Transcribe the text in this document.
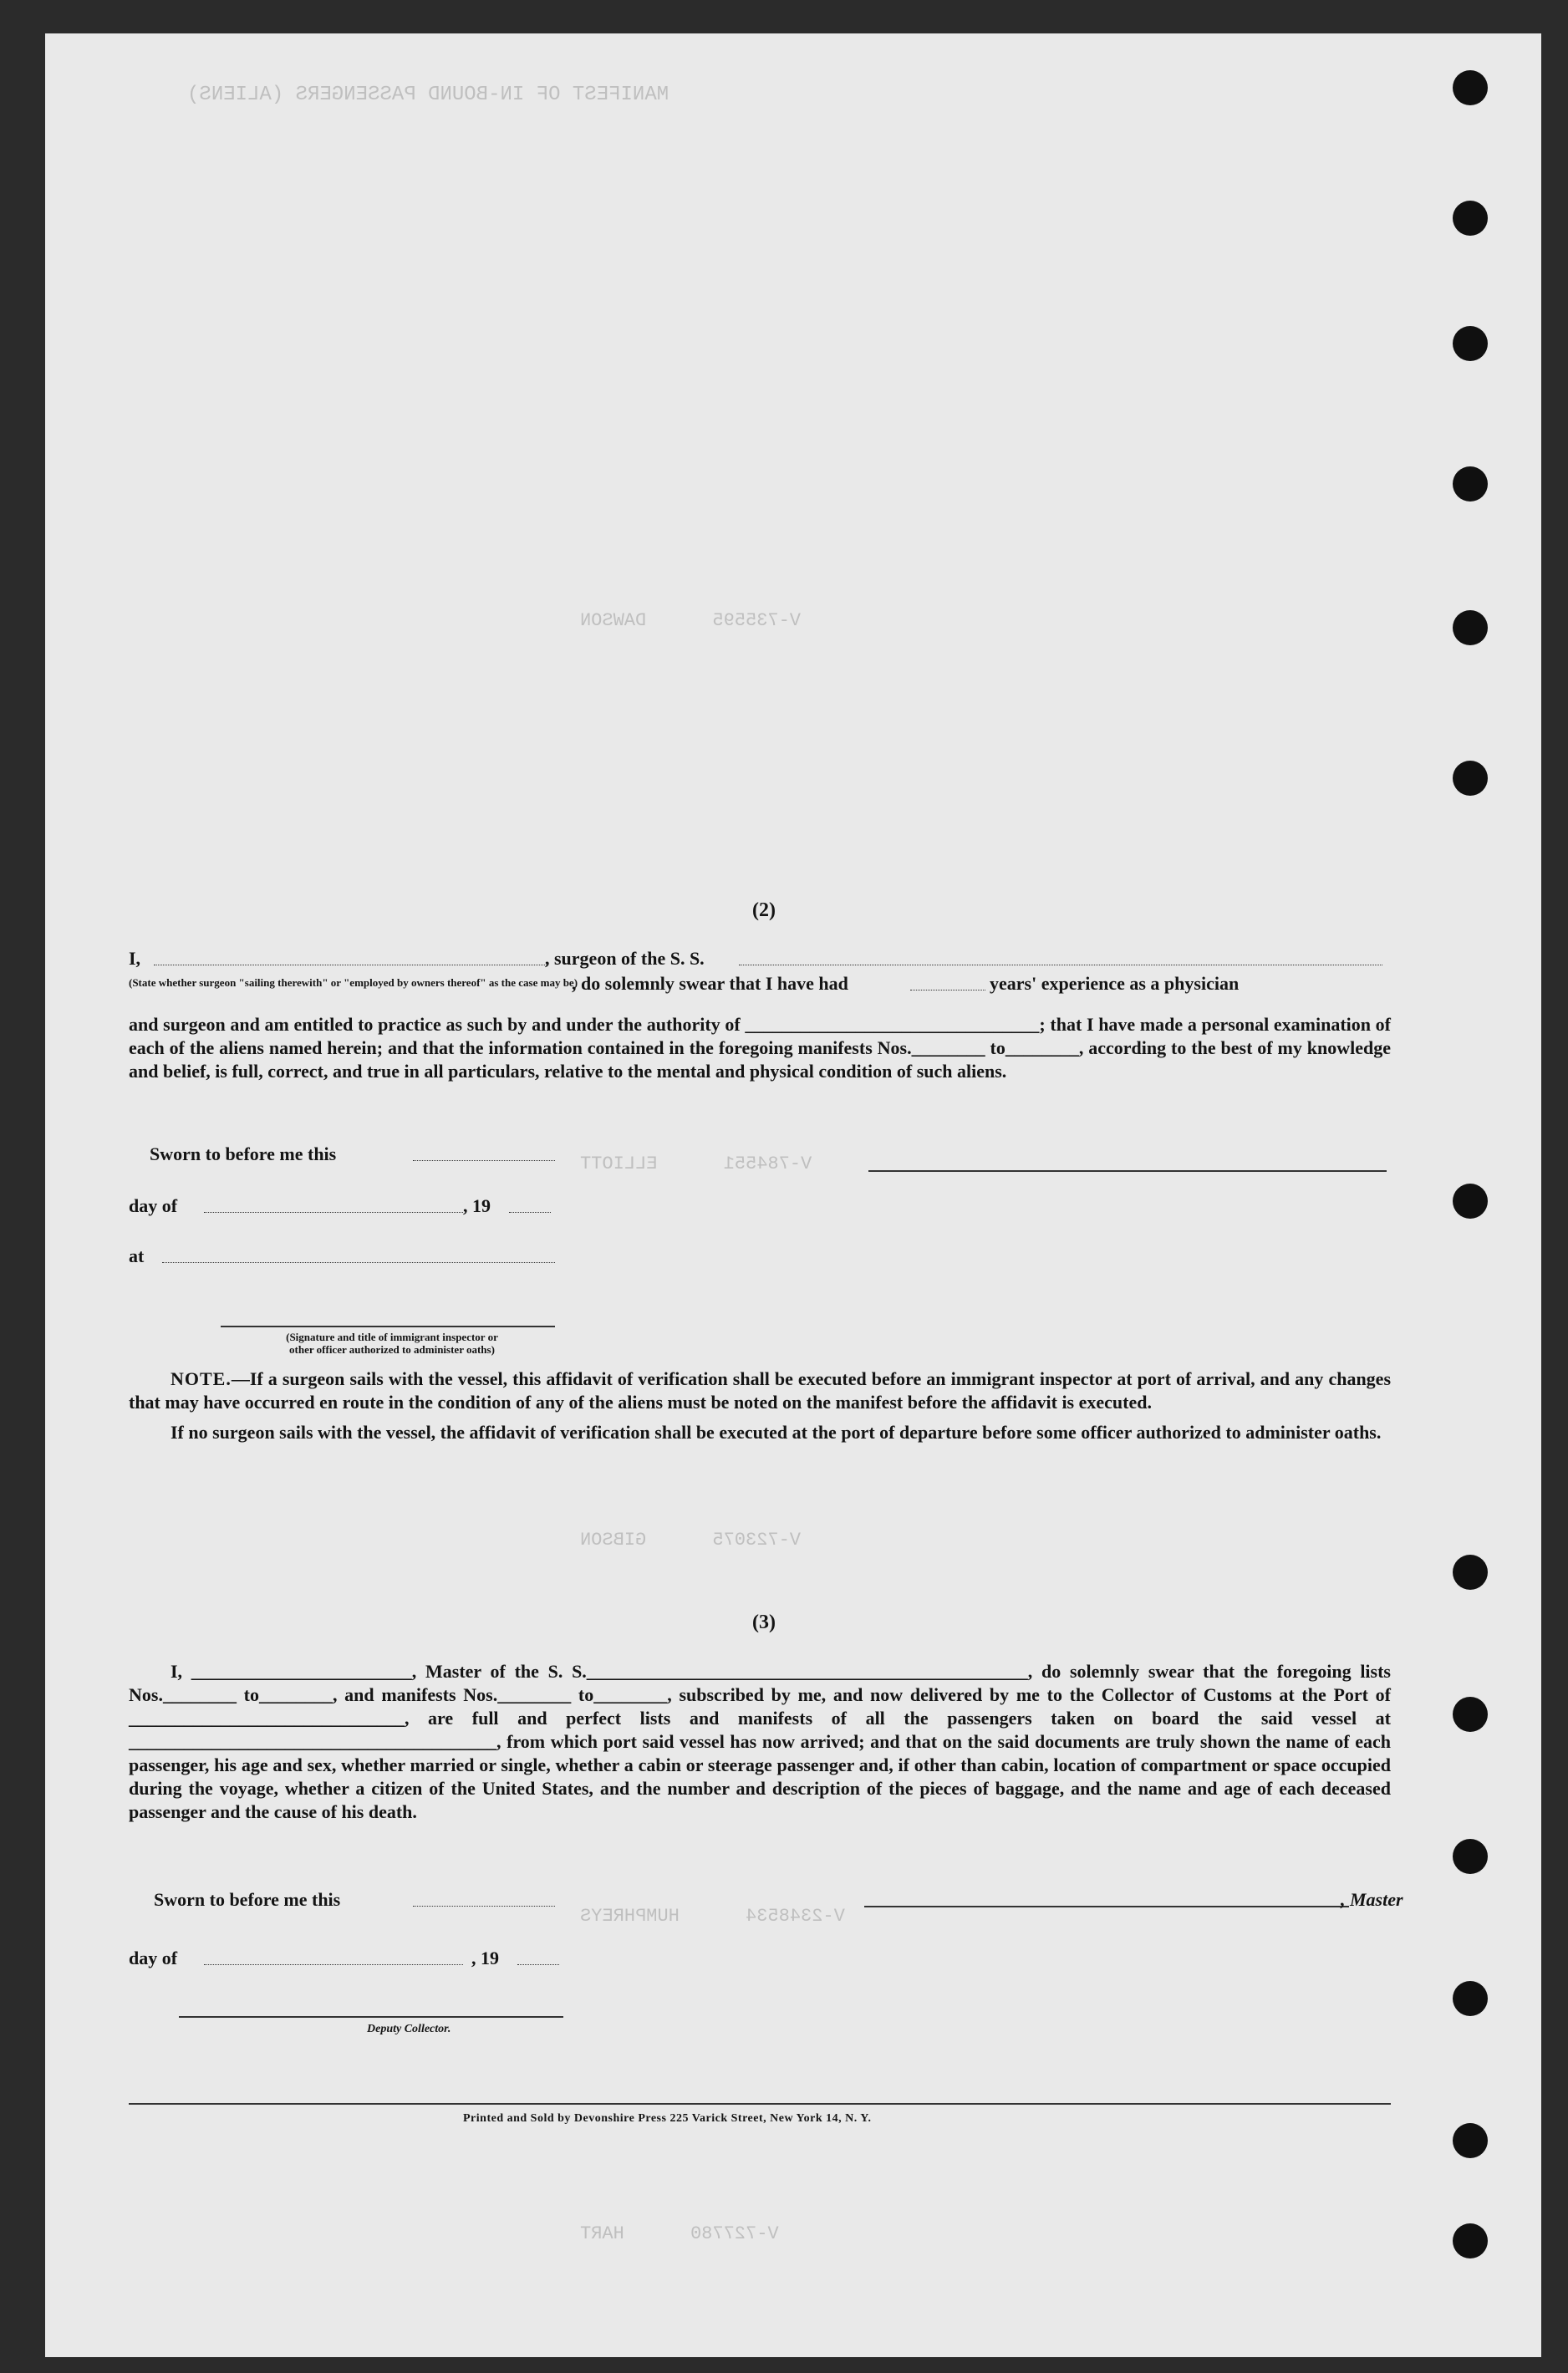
MANIFEST OF IN-BOUND PASSENGERS (ALIENS)
V-735595      DAWSON
V-784551      ELLIOTT
V-723075      GIBSON
V-2348534      HUMPHREYS
V-727780      HART
(2)
I,	, surgeon of the S. S.
(State whether surgeon "sailing therewith" or "employed by owners thereof" as the case may be)
, do solemnly swear that I have had	years' experience as a physician

and surgeon and am entitled to practice as such by and under the authority of ________________________________; that I have made a personal examination of each of the aliens named herein; and that the information contained in the foregoing manifests Nos.________ to________, according to the best of my knowledge and belief, is full, correct, and true in all particulars, relative to the mental and physical condition of such aliens.

Sworn to before me this
day of	, 19
at
(Signature and title of immigrant inspector or
other officer authorized to administer oaths)

NOTE.—If a surgeon sails with the vessel, this affidavit of verification shall be executed before an immigrant inspector at port of arrival, and any changes that may have occurred en route in the condition of any of the aliens must be noted on the manifest before the affidavit is executed.

If no surgeon sails with the vessel, the affidavit of verification shall be executed at the port of departure before some officer authorized to administer oaths.

(3)

I, ________________________, Master of the S. S.________________________________________________, do solemnly swear that the foregoing lists Nos.________ to________, and manifests Nos.________ to________, subscribed by me, and now delivered by me to the Collector of Customs at the Port of ______________________________, are full and perfect lists and manifests of all the passengers taken on board the said vessel at ________________________________________, from which port said vessel has now arrived; and that on the said documents are truly shown the name of each passenger, his age and sex, whether married or single, whether a cabin or steerage passenger and, if other than cabin, location of compartment or space occupied during the voyage, whether a citizen of the United States, and the number and description of the pieces of baggage, and the name and age of each deceased passenger and the cause of his death.

Sworn to before me this
day of	, 19
Deputy Collector.
, Master
Printed and Sold by Devonshire Press 225 Varick Street, New York 14, N. Y.
